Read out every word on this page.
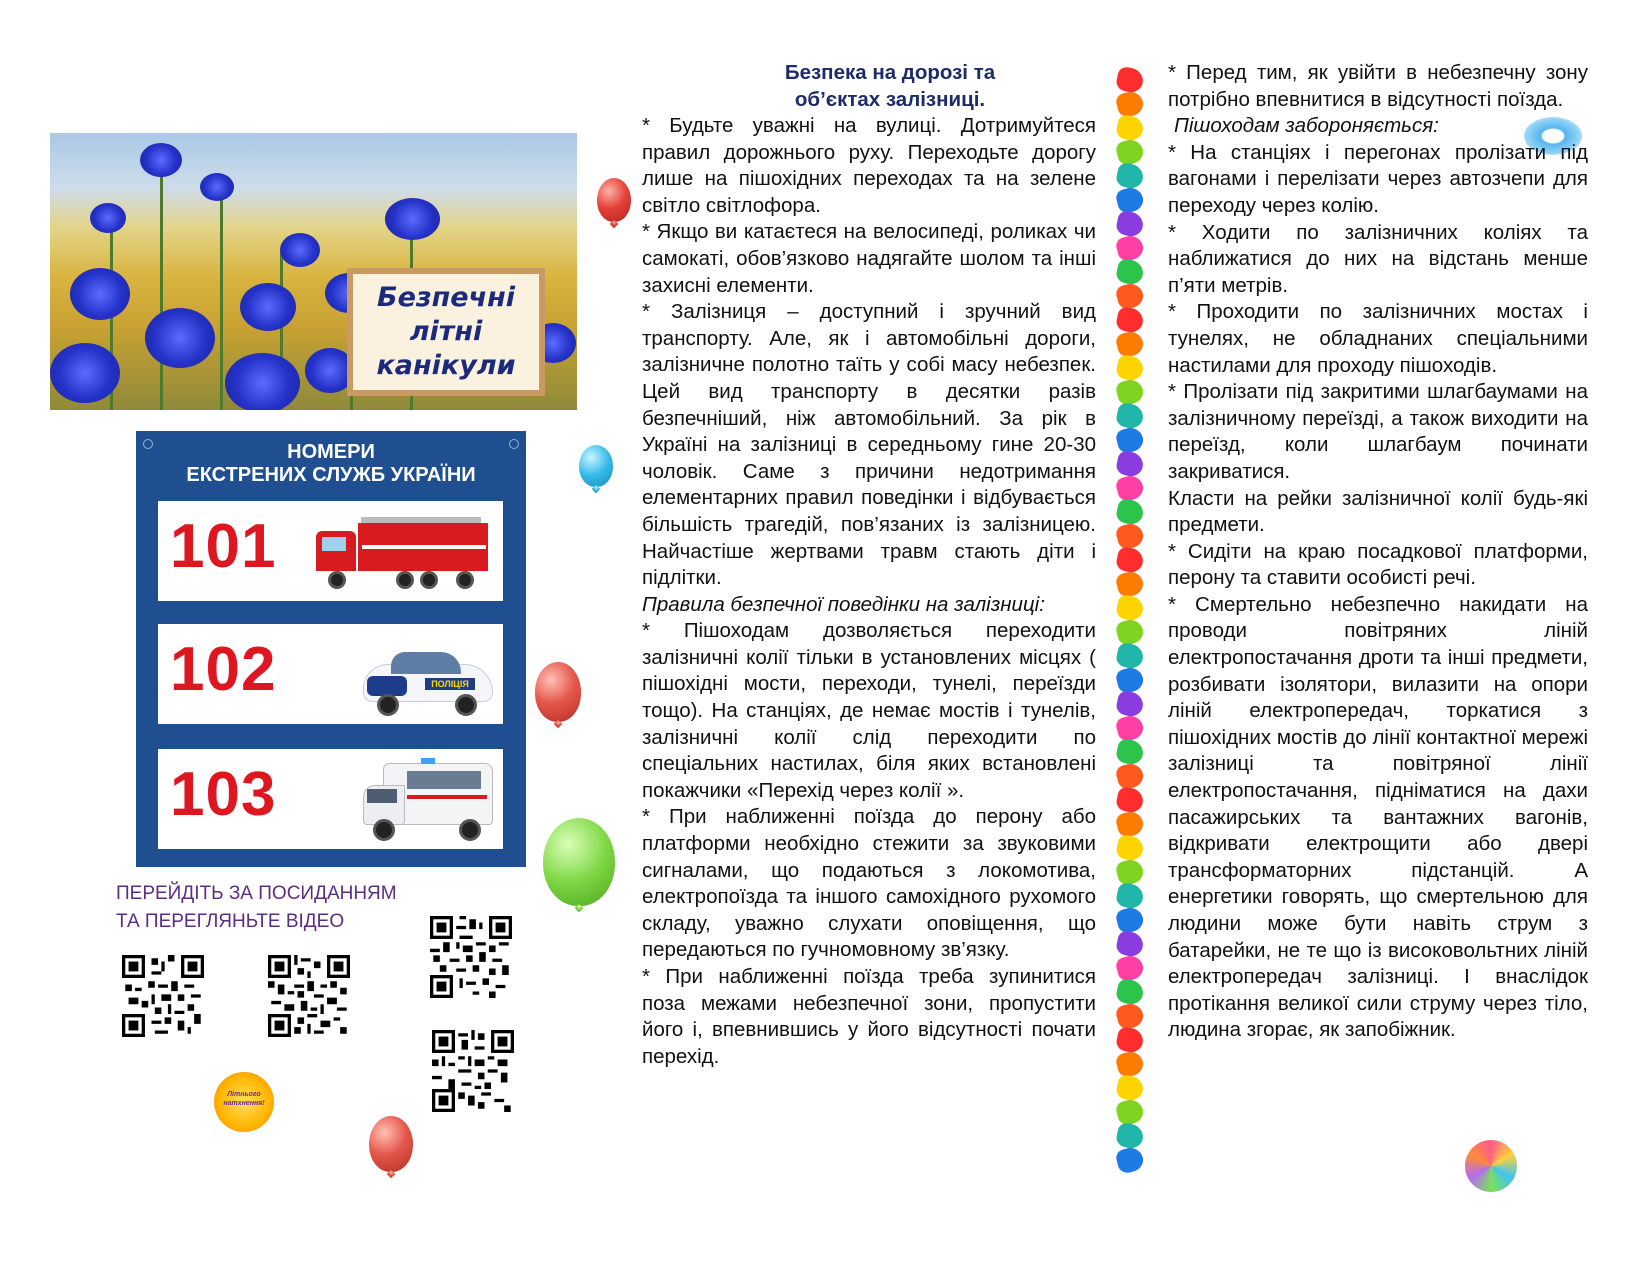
Безпечні
літні
канікули
НОМЕРИ
ЕКСТРЕНИХ СЛУЖБ УКРАЇНИ
101
102	ПОЛІЦІЯ
103
ПЕРЕЙДІТЬ ЗА ПОСИДАННЯМ
ТА ПЕРЕГЛЯНЬТЕ ВІДЕО
Літнього
натхнення!
Безпека на дорозі та
об’єктах залізниці.

* Будьте уважні на вулиці. Дотримуйтеся правил дорожнього руху. Переходьте дорогу лише на пішохідних переходах та на зелене світло світлофора.

* Якщо ви катаєтеся на велосипеді, роликах чи самокаті, обов’язково надягайте шолом та інші захисні елементи.

* Залізниця – доступний і зручний вид транспорту. Але, як і автомобільні дороги, залізничне полотно таїть у собі масу небезпек. Цей вид транспорту в десятки разів безпечніший, ніж автомобільний. За рік в Україні на залізниці в середньому гине 20-30 чоловік. Саме з причини недотримання елементарних правил поведінки і відбувається більшість трагедій, пов’язаних із залізницею. Найчастіше жертвами травм стають діти і підлітки.

Правила безпечної поведінки на залізниці:

* Пішоходам дозволяється переходити залізничні колії тільки в установлених місцях ( пішохідні мости, переходи, тунелі, переїзди тощо). На станціях, де немає мостів і тунелів, залізничні колії слід переходити по спеціальних настилах, біля яких встановлені покажчики «Перехід через колії ».

* При наближенні поїзда до перону або платформи необхідно стежити за звуковими сигналами, що подаються з локомотива, електропоїзда та іншого самохідного рухомого складу, уважно слухати оповіщення, що передаються по гучномовному зв’язку.

* При наближенні поїзда треба зупинитися поза межами небезпечної зони, пропустити його і, впевнившись у його відсутності почати перехід.

* Перед тим, як увійти в небезпечну зону потрібно впевнитися в відсутності поїзда.

Пішоходам забороняється:

* На станціях і перегонах пролізати під вагонами і перелізати через автозчепи для переходу через колію.

* Ходити по залізничних коліях та наближатися до них на відстань менше п’яти метрів.

* Проходити по залізничних мостах і тунелях, не обладнаних спеціальними настилами для проходу пішоходів.

* Пролізати під закритими шлагбаумами на залізничному переїзді, а також виходити на переїзд, коли шлагбаум починати закриватися.

Класти на рейки залізничної колії будь-які предмети.

* Сидіти на краю посадкової платформи, перону та ставити особисті речі.

* Смертельно небезпечно накидати на проводи повітряних ліній електропостачання дроти та інші предмети, розбивати ізолятори, вилазити на опори ліній електропередач, торкатися з пішохідних мостів до лінії контактної мережі залізниці та повітряної лінії електропостачання, підніматися на дахи пасажирських та вантажних вагонів, відкривати електрощити або двері трансформаторних підстанцій. А енергетики говорять, що смертельною для людини може бути навіть струм з батарейки, не те що із високовольтних ліній електропередач залізниці. І внаслідок протікання великої сили струму через тіло, людина згорає, як запобіжник.
